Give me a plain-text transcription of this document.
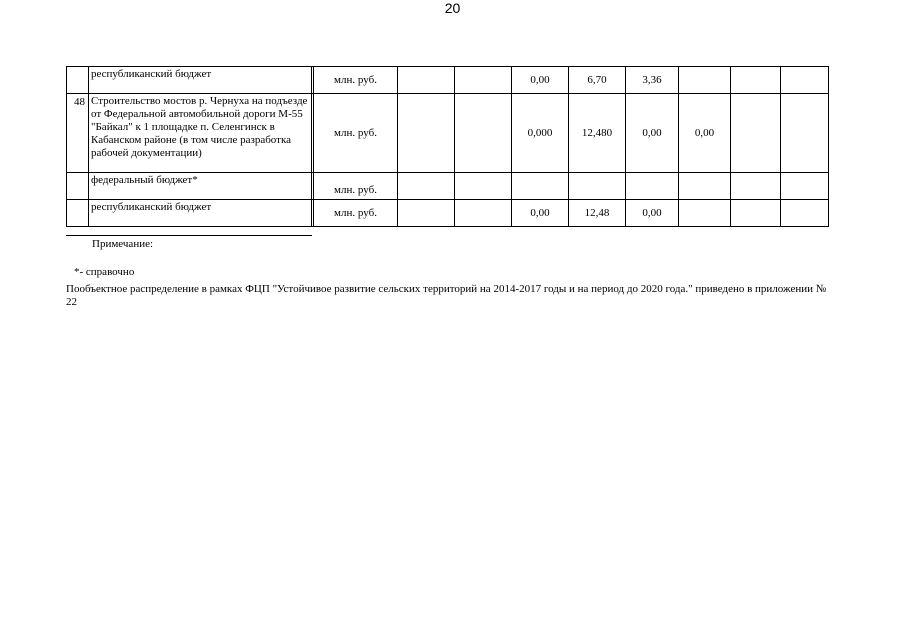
20
	республиканский бюджет		млн. руб.			0,00	6,70	3,36			
48	Строительство мостов р. Чернуха на подъезде от Федеральной автомобильной дороги М-55 "Байкал" к 1 площадке п. Селенгинск в Кабанском районе (в том числе разработка рабочей документации)		млн. руб.			0,000	12,480	0,00	0,00		
	федеральный бюджет*		млн. руб.								
	республиканский бюджет		млн. руб.			0,00	12,48	0,00			
Примечание:
*- справочно
Пообъектное распределение в рамках ФЦП "Устойчивое развитие сельских территорий на 2014-2017 годы и на период до 2020 года." приведено в приложении № 22
